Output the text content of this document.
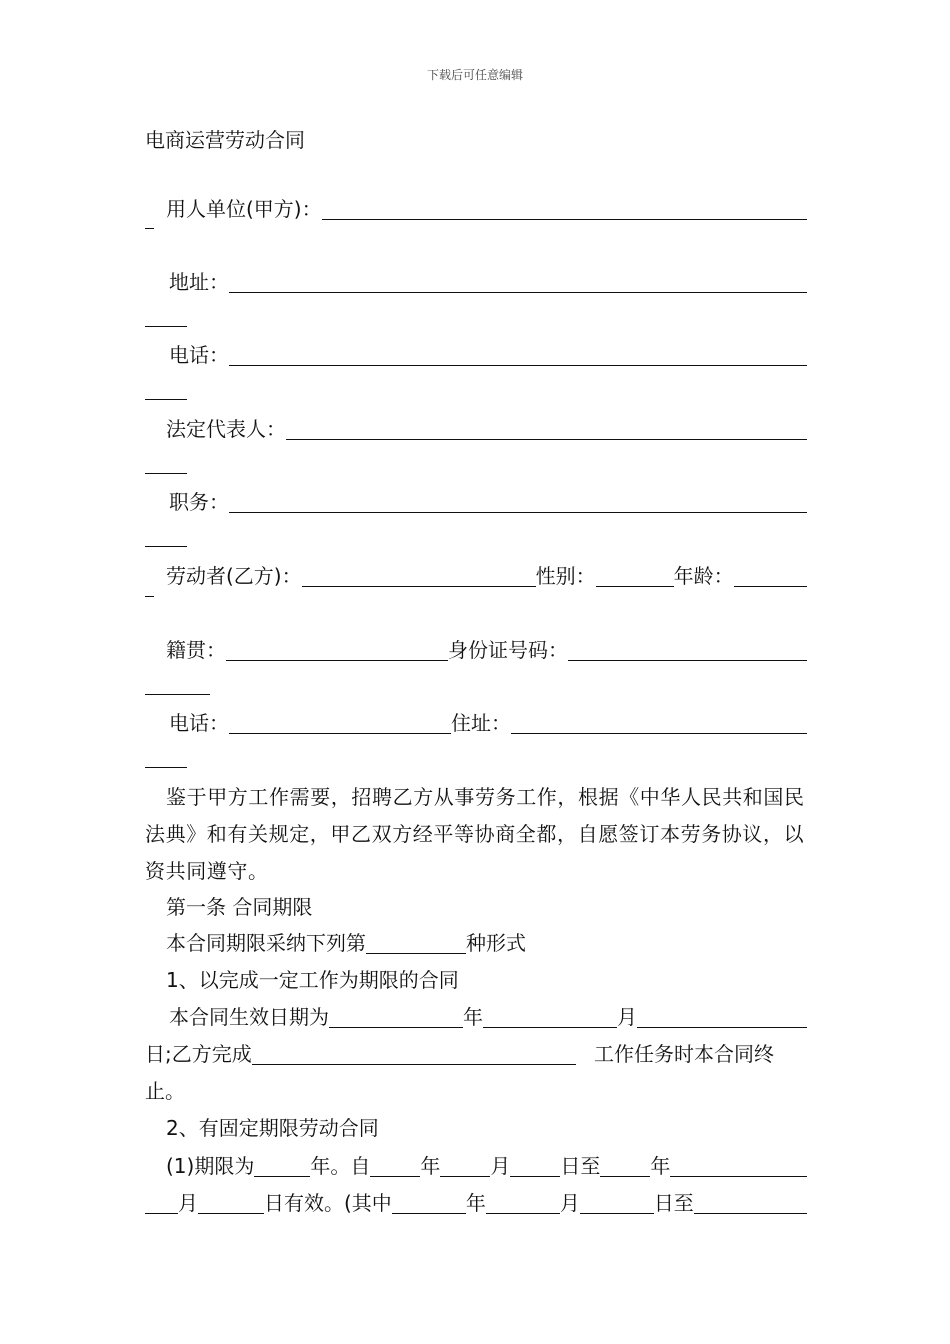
下载后可任意编辑
电商运营劳动合同
用人单位(甲方)：
地址：
电话：
法定代表人：
职务：
劳动者(乙方)：	性别：	年龄：
籍贯：	身份证号码：
电话：	住址：
鉴于甲方工作需要，招聘乙方从事劳务工作，根据《中华人民共和国民法典》和有关规定，甲乙双方经平等协商全都，自愿签订本劳务协议，以资共同遵守。
第一条 合同期限
本合同期限采纳下列第	种形式
1、以完成一定工作为期限的合同
本合同生效日期为	年	月
日;乙方完成	工作任务时本合同终止。
2、有固定期限劳动合同
(1)期限为	年。自	年	月	日至	年
月	日有效。(其中	年	月	日至
